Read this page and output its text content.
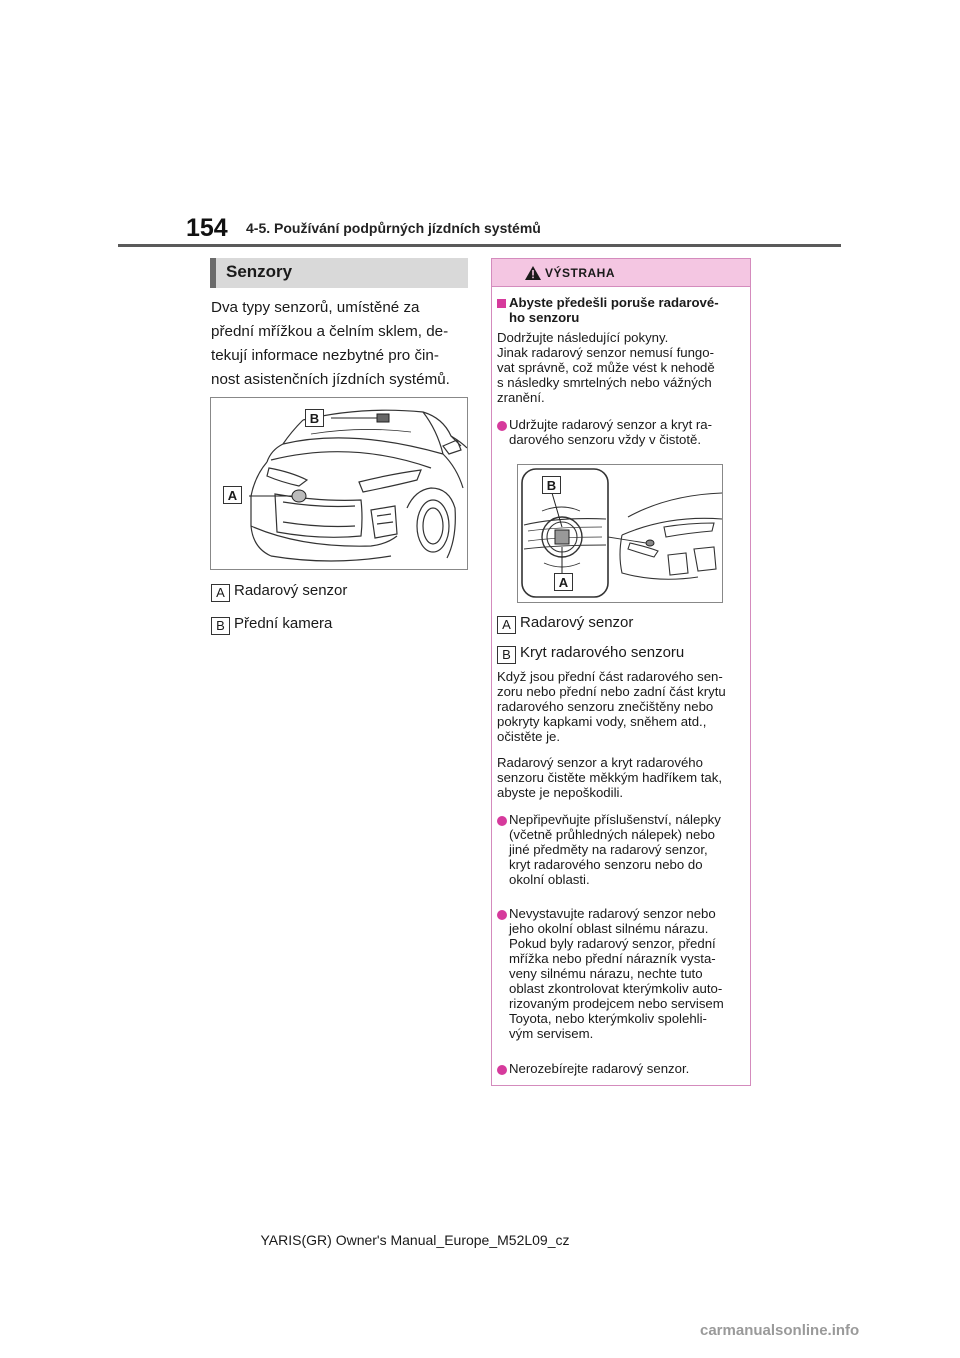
154 4-5. Používání podpůrných jízdních systémů
Senzory
Dva typy senzorů, umístěné za
přední mřížkou a čelním sklem, de-
tekují informace nezbytné pro čin-
nost asistenčních jízdních systémů.
B
A
A Radarový senzor
B Přední kamera
VÝSTRAHA
Abyste předešli poruše radarové-
ho senzoru
Dodržujte následující pokyny.
Jinak radarový senzor nemusí fungo-
vat správně, což může vést k nehodě
s následky smrtelných nebo vážných
zranění.
Udržujte radarový senzor a kryt ra-
darového senzoru vždy v čistotě.
A Radarový senzor
B Kryt radarového senzoru
Když jsou přední část radarového sen-
zoru nebo přední nebo zadní část krytu
radarového senzoru znečištěny nebo
pokryty kapkami vody, sněhem atd.,
očistěte je.
Radarový senzor a kryt radarového
senzoru čistěte měkkým hadříkem tak,
abyste je nepoškodili.
Nepřipevňujte příslušenství, nálepky
(včetně průhledných nálepek) nebo
jiné předměty na radarový senzor,
kryt radarového senzoru nebo do
okolní oblasti.
Nevystavujte radarový senzor nebo
jeho okolní oblast silnému nárazu.
Pokud byly radarový senzor, přední
mřížka nebo přední nárazník vysta-
veny silnému nárazu, nechte tuto
oblast zkontrolovat kterýmkoliv auto-
rizovaným prodejcem nebo servisem
Toyota, nebo kterýmkoliv spolehli-
vým servisem.
Nerozebírejte radarový senzor.
B
A
YARIS(GR) Owner's Manual_Europe_M52L09_cz
carmanualsonline.info
